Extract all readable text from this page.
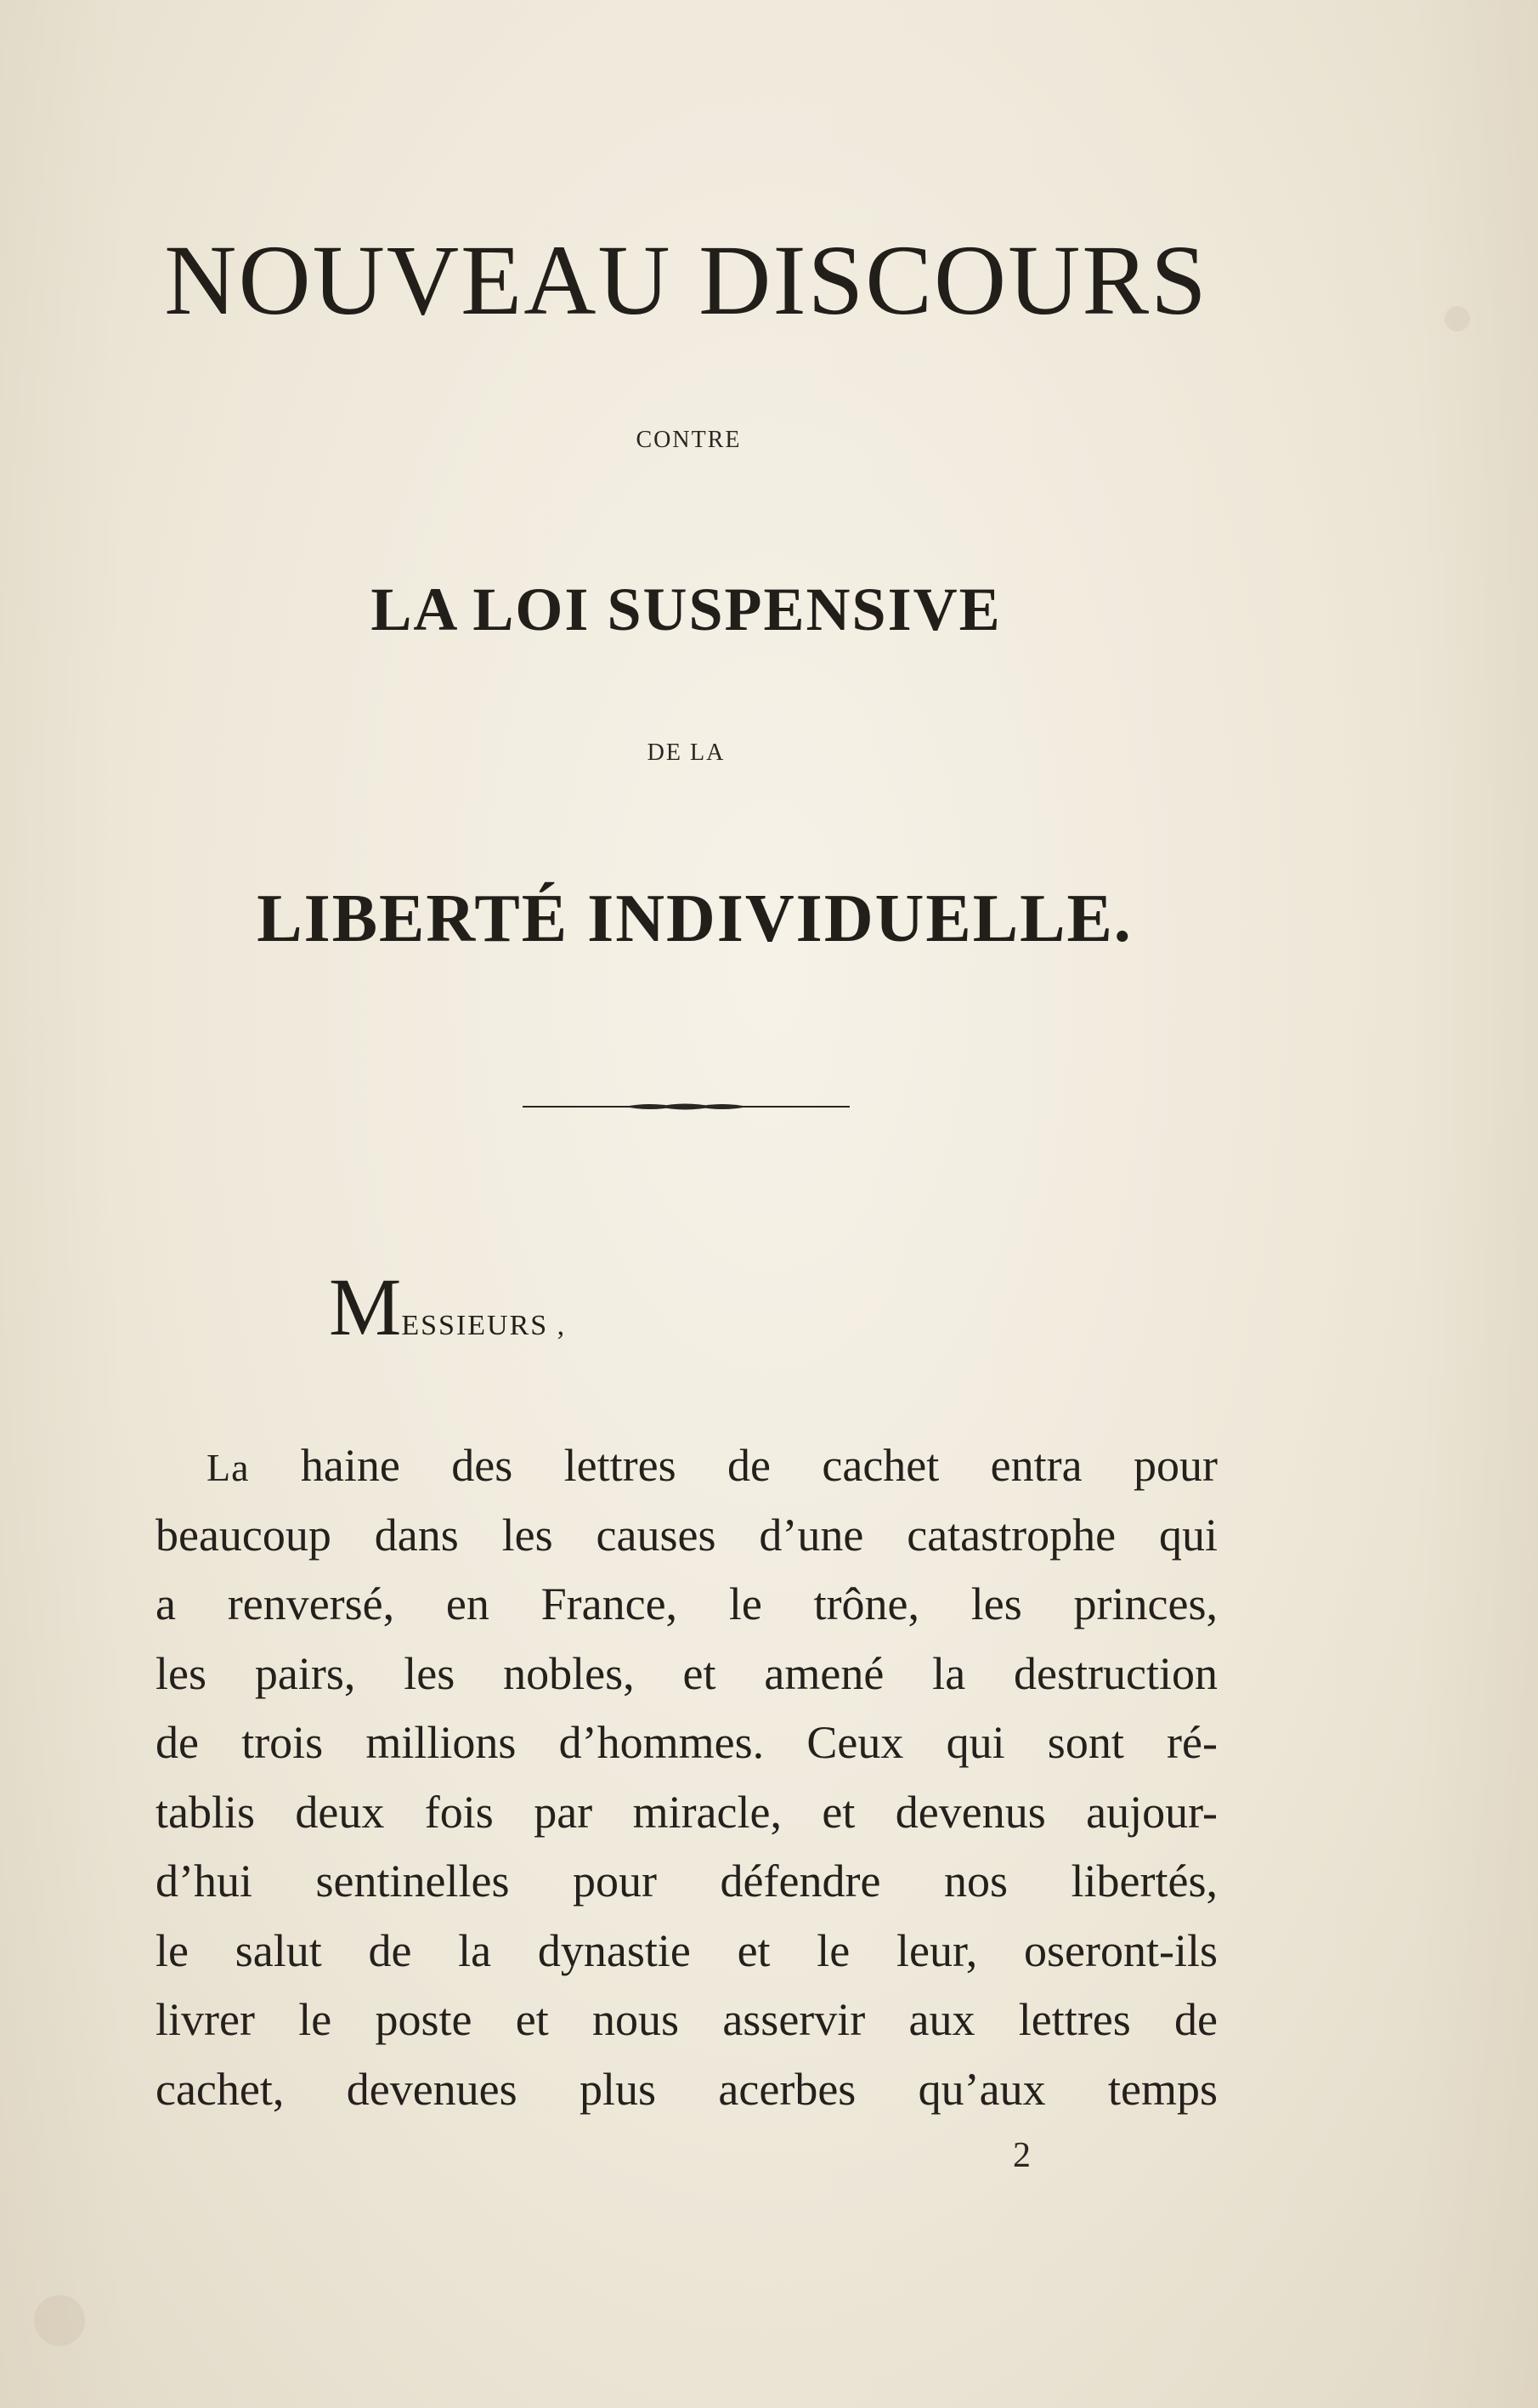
NOUVEAU DISCOURS
CONTRE
LA LOI SUSPENSIVE
DE LA
LIBERTÉ INDIVIDUELLE.
MESSIEURS ,
La haine des lettres de cachet entra pour
beaucoup dans les causes d’une catastrophe qui
a renversé, en France, le trône, les princes,
les pairs, les nobles, et amené la destruction
de trois millions d’hommes. Ceux qui sont ré-
tablis deux fois par miracle, et devenus aujour-
d’hui sentinelles pour défendre nos libertés,
le salut de la dynastie et le leur, oseront-ils
livrer le poste et nous asservir aux lettres de
cachet, devenues plus acerbes qu’aux temps
2
